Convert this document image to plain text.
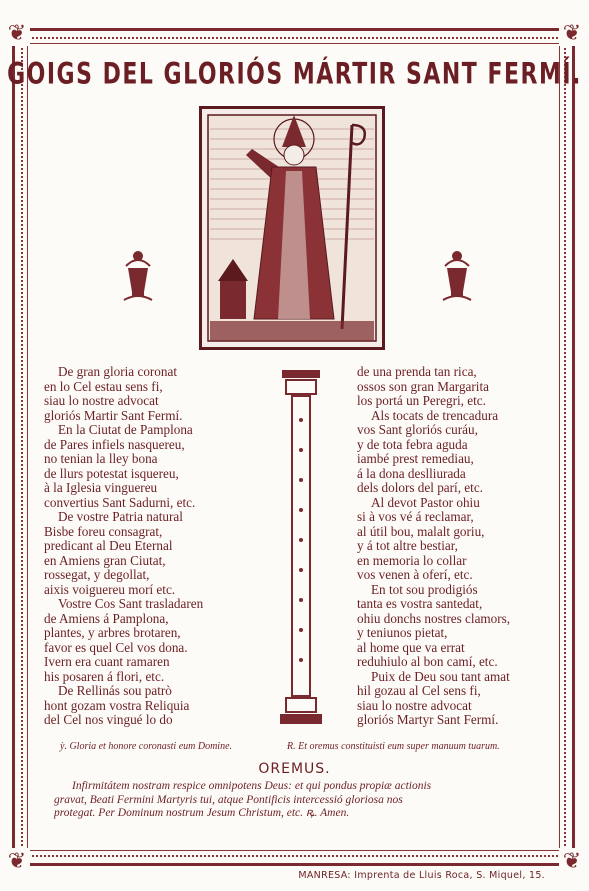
❦	❦
❦	❦
GOIGS DEL GLORIÓS MÁRTIR SANT FERMÍ.
De gran gloria coronat
en lo Cel estau sens fi,
siau lo nostre advocat
gloriós Martir Sant Fermí.
En la Ciutat de Pamplona
de Pares infiels nasquereu,
no tenian la lley bona
de llurs potestat isquereu,
à la Iglesia vinguereu
convertius Sant Sadurni, etc.
De vostre Patria natural
Bisbe foreu consagrat,
predicant al Deu Eternal
en Amiens gran Ciutat,
rossegat, y degollat,
aixis voiguereu morí etc.
Vostre Cos Sant trasladaren
de Amiens á Pamplona,
plantes, y arbres brotaren,
favor es quel Cel vos dona.
Ivern era cuant ramaren
his posaren á flori, etc.
De Rellinás sou patrò
hont gozam vostra Reliquia
del Cel nos vingué lo do
de una prenda tan rica,
ossos son gran Margarita
los portá un Peregri, etc.
Als tocats de trencadura
vos Sant gloriós curáu,
y de tota febra aguda
iambé prest remediau,
á la dona deslliurada
dels dolors del parí, etc.
Al devot Pastor ohiu
si à vos vé á reclamar,
al útil bou, malalt goriu,
y á tot altre bestiar,
en memoria lo collar
vos venen à oferí, etc.
En tot sou prodigiós
tanta es vostra santedat,
ohiu donchs nostres clamors,
y teniunos pietat,
al home que va errat
reduhiulo al bon camí, etc.
Puix de Deu sou tant amat
hil gozau al Cel sens fi,
siau lo nostre advocat
gloriós Martyr Sant Fermí.
ỳ. Gloria et honore coronasti eum Domine.	Ɍ. Et oremus constituisti eum super manuum tuarum.
OREMUS.
Infirmitátem nostram respice omnipotens Deus: et qui pondus propiæ actionis
gravat, Beati Fermini Martyris tui, atque Pontificis intercessió gloriosa nos
protegat. Per Dominum nostrum Jesum Christum, etc. ꝶ. Amen.
MANRESA: Imprenta de Lluis Roca, S. Miquel, 15.
